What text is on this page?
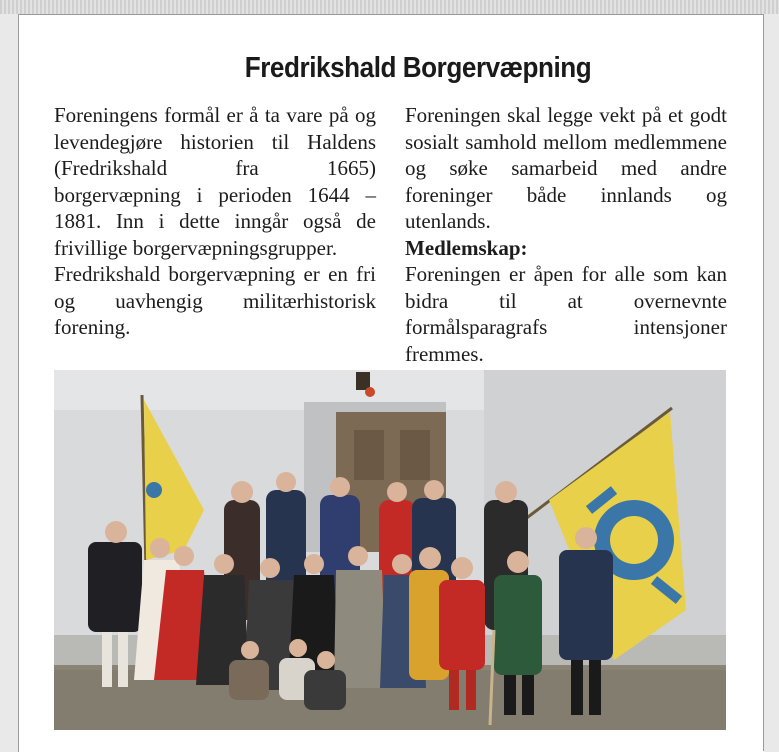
Fredrikshald Borgervæpning

Foreningens formål er å ta vare på og levendegjøre historien til Haldens (Fredrikshald fra 1665) borgervæpning i perioden 1644 – 1881. Inn i dette inngår også de frivillige borgervæpningsgrupper.

Fredrikshald borgervæpning er en fri og uavhengig militærhistorisk forening.

Foreningen skal legge vekt på et godt sosialt samhold mellom medlemmene og søke samarbeid med andre foreninger både innlands og utenlands.

Medlemskap:

Foreningen er åpen for alle som kan bidra til at overnevnte formålsparagrafs intensjoner fremmes.
